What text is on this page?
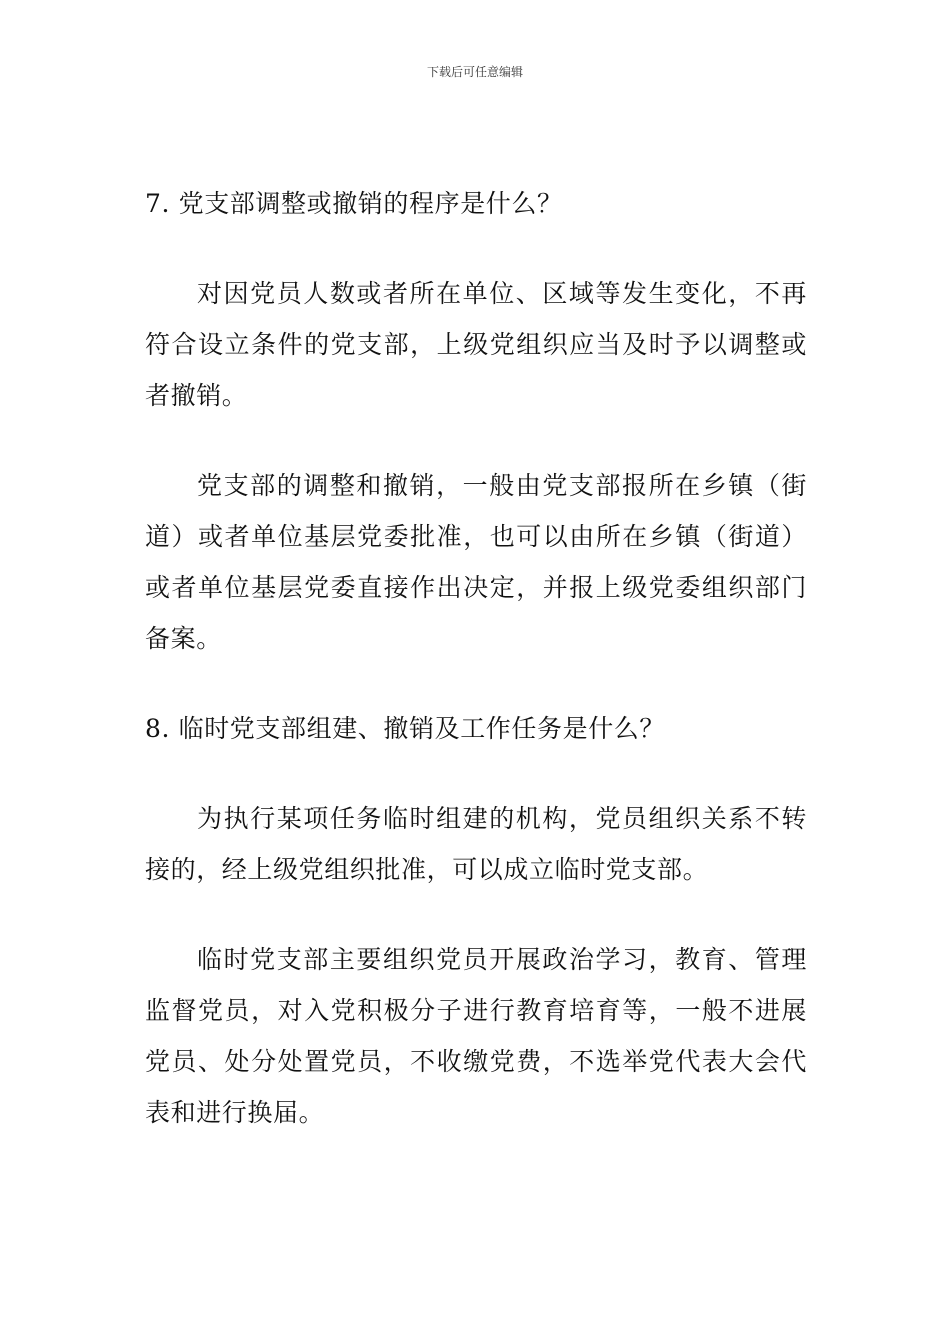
下载后可任意编辑

7. 党支部调整或撤销的程序是什么？

对因党员人数或者所在单位、区域等发生变化，不再符合设立条件的党支部，上级党组织应当及时予以调整或者撤销。

党支部的调整和撤销，一般由党支部报所在乡镇（街道）或者单位基层党委批准，也可以由所在乡镇（街道）或者单位基层党委直接作出决定，并报上级党委组织部门备案。

8. 临时党支部组建、撤销及工作任务是什么？

为执行某项任务临时组建的机构，党员组织关系不转接的，经上级党组织批准，可以成立临时党支部。

临时党支部主要组织党员开展政治学习，教育、管理监督党员，对入党积极分子进行教育培育等，一般不进展党员、处分处置党员，不收缴党费，不选举党代表大会代表和进行换届。
